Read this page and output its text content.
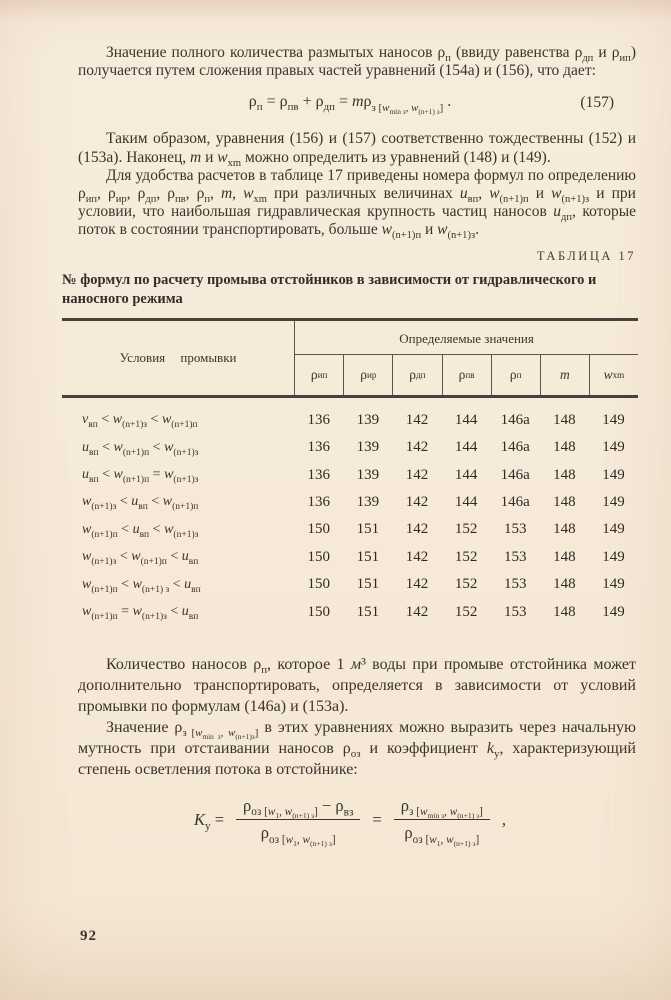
Значение полного количества размытых наносов $\rho_п$ (ввиду равенства $\rho_{дп}$ и $\rho_{ип}$) получается путем сложения правых частей уравнений (154а) и (156), что дает:

$\rho_п = \rho_{пв} + \rho_{дп} = m\rho_{з [w_{min з}, w_{(n+1) з}]}$ .	(157)

Таким образом, уравнения (156) и (157) соответственно тождественны (152) и (153а). Наконец, m и $w_{xm}$ можно определить из уравнений (148) и (149).

Для удобства расчетов в таблице 17 приведены номера формул по определению $\rho_{ип}$, $\rho_{ир}$, $\rho_{дп}$, $\rho_{пв}$, $\rho_п$, m, $w_{xm}$ при различных величинах $u_{вп}$, $w_{(n+1)п}$ и $w_{(n+1)з}$ и при условии, что наибольшая гидравлическая крупность частиц наносов $u_{дп}$, которые поток в состоянии транспортировать, больше $w_{(n+1)п}$ и $w_{(n+1)з}$.

ТАБЛИЦА 17
№ формул по расчету промыва отстойников в зависимости от гидравлического и наносного режима
Условия промывки
Определяемые значения
ρ ип	ρ ир	ρ дп	ρ пв	ρ п	m	w xm
$v_{вп} < w_{(n+1)з} < w_{(n+1)п}$	136	139	142	144	146а	148	149
$u_{вп} < w_{(n+1)п} < w_{(n+1)з}$	136	139	142	144	146а	148	149
$u_{вп} < w_{(n+1)п} = w_{(n+1)з}$	136	139	142	144	146а	148	149
$w_{(n+1)з} < u_{вп} < w_{(n+1)п}$	136	139	142	144	146а	148	149
$w_{(n+1)п} < u_{вп} < w_{(n+1)з}$	150	151	142	152	153	148	149
$w_{(n+1)з} < w_{(n+1)п} < u_{вп}$	150	151	142	152	153	148	149
$w_{(n+1)п} < w_{(n+1) з} < u_{вп}$	150	151	142	152	153	148	149
$w_{(n+1)п} = w_{(n+1)з} < u_{вп}$	150	151	142	152	153	148	149

Количество наносов $\rho_п$, которое 1 м³ воды при промыве отстойника может дополнительно транспортировать, определяется в зависимости от условий промывки по формулам (146а) и (153а).

Значение $\rho_{з [w_{min з}, w_{(n+1)з}]}$ в этих уравнениях можно выразить через начальную мутность при отстаивании наносов $\rho_{оз}$ и коэффициент $k_y$, характеризующий степень осветления потока в отстойнике:

$K_y = \frac{\rho_{оз [w_1, w_{(n+1) з}]} - \rho_{вз}}{\rho_{оз [w_1, w_{(n+1) з}]}} = \frac{\rho_{з [w_{min з}, w_{(n+1) з}]}}{\rho_{оз [w_1, w_{(n+1) з}]}}$ ,
92
